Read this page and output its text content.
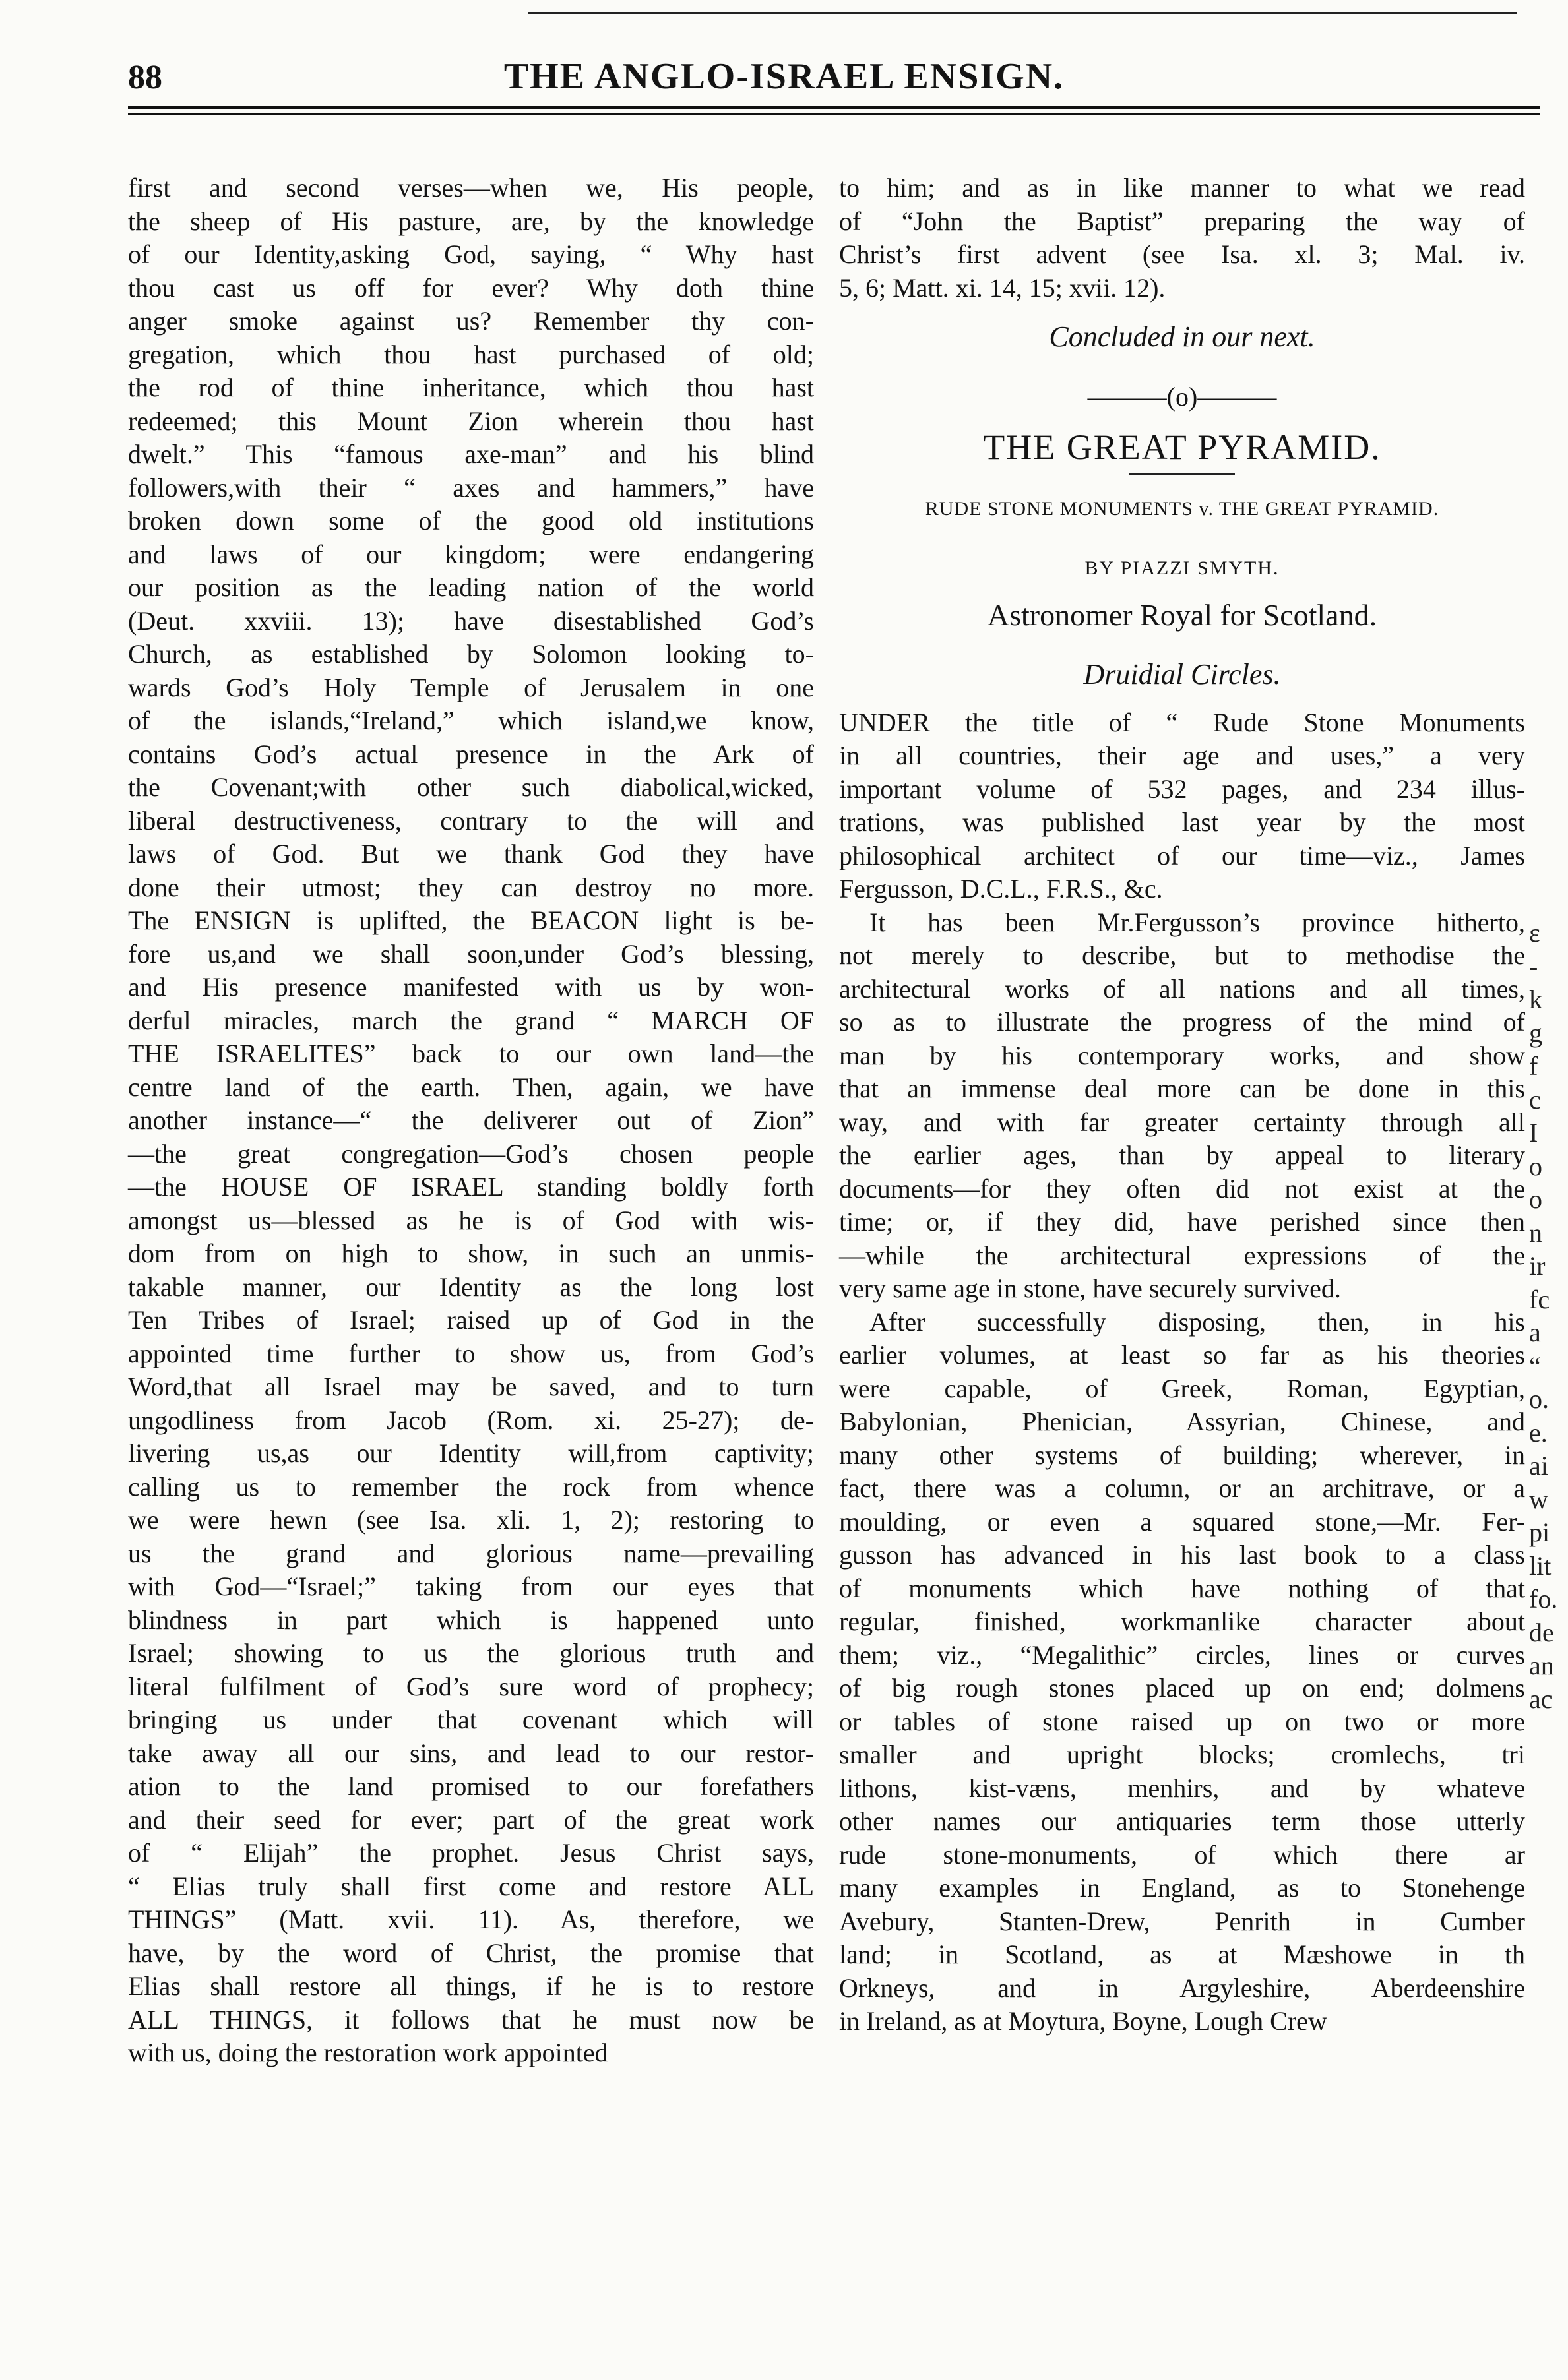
88	THE ANGLO-ISRAEL ENSIGN.
first and second verses—when we, His people,
the sheep of His pasture, are, by the knowledge
of our Identity,asking God, saying, “ Why hast
thou cast us off for ever? Why doth thine
anger smoke against us? Remember thy con-
gregation, which thou hast purchased of old;
the rod of thine inheritance, which thou hast
redeemed; this Mount Zion wherein thou hast
dwelt.” This “famous axe-man” and his blind
followers,with their “ axes and hammers,” have
broken down some of the good old institutions
and laws of our kingdom; were endangering
our position as the leading nation of the world
(Deut. xxviii. 13); have disestablished God’s
Church, as established by Solomon looking to-
wards God’s Holy Temple of Jerusalem in one
of the islands,“Ireland,” which island,we know,
contains God’s actual presence in the Ark of
the Covenant;with other such diabolical,wicked,
liberal destructiveness, contrary to the will and
laws of God. But we thank God they have
done their utmost; they can destroy no more.
The ENSIGN is uplifted, the BEACON light is be-
fore us,and we shall soon,under God’s blessing,
and His presence manifested with us by won-
derful miracles, march the grand “ MARCH OF
THE ISRAELITES” back to our own land—the
centre land of the earth. Then, again, we have
another instance—“ the deliverer out of Zion”
—the great congregation—God’s chosen people
—the HOUSE OF ISRAEL standing boldly forth
amongst us—blessed as he is of God with wis-
dom from on high to show, in such an unmis-
takable manner, our Identity as the long lost
Ten Tribes of Israel; raised up of God in the
appointed time further to show us, from God’s
Word,that all Israel may be saved, and to turn
ungodliness from Jacob (Rom. xi. 25-27); de-
livering us,as our Identity will,from captivity;
calling us to remember the rock from whence
we were hewn (see Isa. xli. 1, 2); restoring to
us the grand and glorious name—prevailing
with God—“Israel;” taking from our eyes that
blindness in part which is happened unto
Israel; showing to us the glorious truth and
literal fulfilment of God’s sure word of prophecy;
bringing us under that covenant which will
take away all our sins, and lead to our restor-
ation to the land promised to our forefathers
and their seed for ever; part of the great work
of “ Elijah” the prophet. Jesus Christ says,
“ Elias truly shall first come and restore ALL
THINGS” (Matt. xvii. 11). As, therefore, we
have, by the word of Christ, the promise that
Elias shall restore all things, if he is to restore
ALL THINGS, it follows that he must now be
with us, doing the restoration work appointed
to him; and as in like manner to what we read
of “John the Baptist” preparing the way of
Christ’s first advent (see Isa. xl. 3; Mal. iv.
5, 6; Matt. xi. 14, 15; xvii. 12).
Concluded in our next.
———(o)———
THE GREAT PYRAMID.
RUDE STONE MONUMENTS v. THE GREAT PYRAMID.
BY PIAZZI SMYTH.
Astronomer Royal for Scotland.
Druidial Circles.
UNDER the title of “ Rude Stone Monuments
in all countries, their age and uses,” a very
important volume of 532 pages, and 234 illus-
trations, was published last year by the most
philosophical architect of our time—viz., James
Fergusson, D.C.L., F.R.S., &c.
It has been Mr.Fergusson’s province hitherto,
not merely to describe, but to methodise the
architectural works of all nations and all times,
so as to illustrate the progress of the mind of
man by his contemporary works, and show
that an immense deal more can be done in this
way, and with far greater certainty through all
the earlier ages, than by appeal to literary
documents—for they often did not exist at the
time; or, if they did, have perished since then
—while the architectural expressions of the
very same age in stone, have securely survived.
After successfully disposing, then, in his
earlier volumes, at least so far as his theories
were capable, of Greek, Roman, Egyptian,
Babylonian, Phenician, Assyrian, Chinese, and
many other systems of building; wherever, in
fact, there was a column, or an architrave, or a
moulding, or even a squared stone,—Mr. Fer-
gusson has advanced in his last book to a class
of monuments which have nothing of that
regular, finished, workmanlike character about
them; viz., “Megalithic” circles, lines or curves
of big rough stones placed up on end; dolmens
or tables of stone raised up on two or more
smaller and upright blocks; cromlechs, tri
lithons, kist-væns, menhirs, and by whateve
other names our antiquaries term those utterly
rude stone-monuments, of which there ar
many examples in England, as to Stonehenge
Avebury, Stanten-Drew, Penrith in Cumber
land; in Scotland, as at Mæshowe in th
Orkneys, and in Argyleshire, Aberdeenshire
in Ireland, as at Moytura, Boyne, Lough Crew
ε
-
k
g
f
c
I
o
o
n
ir
fc
a
“
o.
e.
ai
w
pi
lit
fo.
de
an
ac
